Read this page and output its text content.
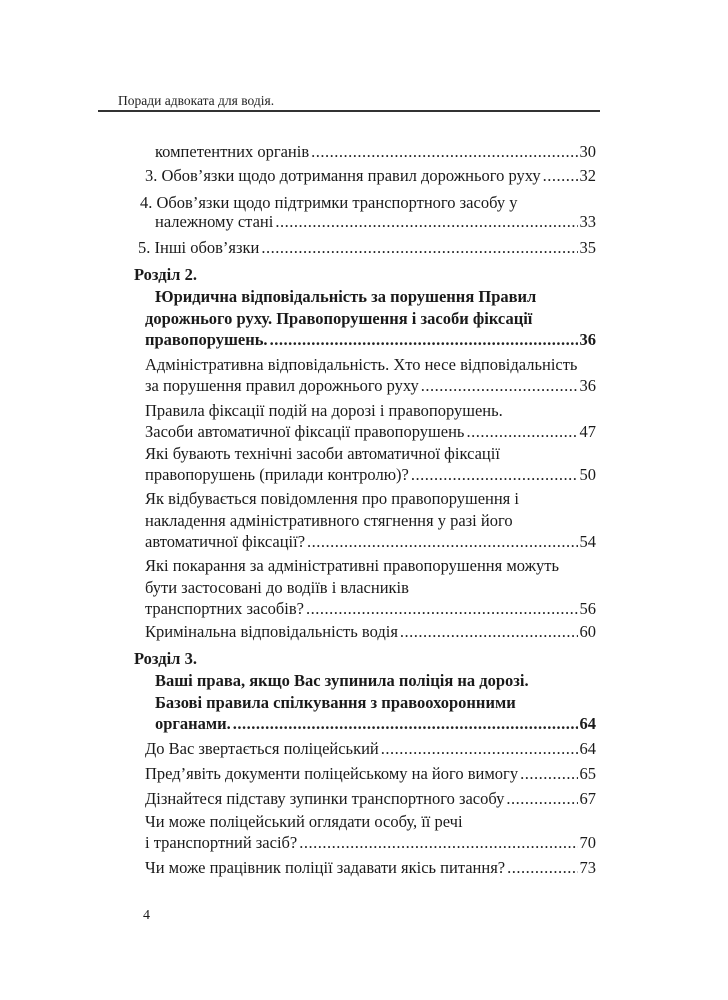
Поради адвоката для водія.
компетентних органів .....	30
3. Обов’язки щодо дотримання правил дорожнього руху ..... 32
4. Обов’язки щодо підтримки транспортного засобу у
належному стані .....	33
5. Інші обов’язки .....	35
Розділ 2.
Юридична відповідальність за порушення Правил
дорожнього руху. Правопорушення і засоби фіксації
правопорушень. .....	36
Адміністративна відповідальність. Хто несе відповідальність
за порушення правил дорожнього руху .....	36
Правила фіксації подій на дорозі і правопорушень.
Засоби автоматичної фіксації правопорушень .....	47
Які бувають технічні засоби автоматичної фіксації
правопорушень (прилади контролю)? .....	50
Як відбувається повідомлення про правопорушення і
накладення адміністративного стягнення у разі його
автоматичної фіксації? .....	54
Які покарання за адміністративні правопорушення можуть
бути застосовані до водіїв і власників
транспортних засобів? .....	56
Кримінальна відповідальність водія .....	60
Розділ 3.
Ваші права, якщо Вас зупинила поліція на дорозі.
Базові правила спілкування з правоохоронними
органами. .....	64
До Вас звертається поліцейський .....	64
Пред’явіть документи поліцейському на його вимогу .....	65
Дізнайтеся підставу зупинки транспортного засобу .....	67
Чи може поліцейський оглядати особу, її речі
і транспортний засіб? .....	70
Чи може працівник поліції задавати якісь питання? .....	73
4
